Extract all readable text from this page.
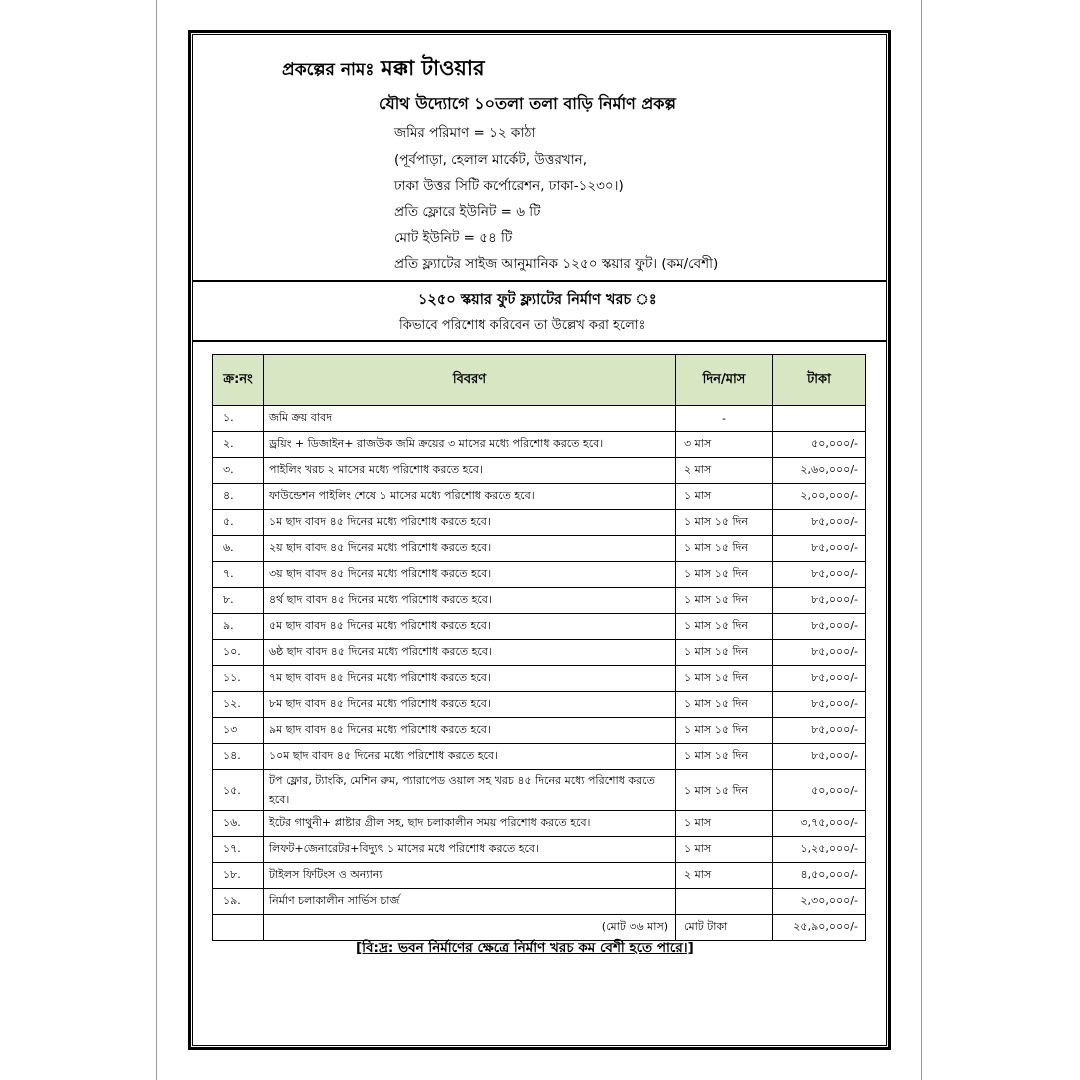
প্রকল্পের নামঃ মক্কা টাওয়ার
যৌথ উদ্যোগে ১০তলা তলা বাড়ি নির্মাণ প্রকল্প
জমির পরিমাণ = ১২ কাঠা
(পূর্বপাড়া, হেলাল মার্কেট, উত্তরখান,
ঢাকা উত্তর সিটি কর্পোরেশন, ঢাকা-১২৩০।)
প্রতি ফ্লোরে ইউনিট = ৬ টি
মোট ইউনিট = ৫৪ টি
প্রতি ফ্ল্যাটের সাইজ আনুমানিক ১২৫০ স্কয়ার ফুট। (কম/বেশী)
১২৫০ স্কয়ার ফুট ফ্ল্যাটের নির্মাণ খরচ ঃ
কিভাবে পরিশোধ করিবেন তা উল্লেখ করা হলোঃ
ক্র:নং	বিবরণ	দিন/মাস	টাকা
১.	জমি ক্রয় বাবদ	-	
২.	ড্রয়িং + ডিজাইন+ রাজউক জমি ক্রয়ের ৩ মাসের মধ্যে পরিশোধ করতে হবে।	৩ মাস	৫০,০০০/-
৩.	পাইলিং খরচ ২ মাসের মধ্যে পরিশোধ করতে হবে।	২ মাস	২,৬০,০০০/-
৪.	ফাউন্ডেশন পাইলিং শেষে ১ মাসের মধ্যে পরিশোধ করতে হবে।	১ মাস	২,০০,০০০/-
৫.	১ম ছাদ বাবদ ৪৫ দিনের মধ্যে পরিশোধ করতে হবে।	১ মাস ১৫ দিন	৮৫,০০০/-
৬.	২য় ছাদ বাবদ ৪৫ দিনের মধ্যে পরিশোধ করতে হবে।	১ মাস ১৫ দিন	৮৫,০০০/-
৭.	৩য় ছাদ বাবদ ৪৫ দিনের মধ্যে পরিশোধ করতে হবে।	১ মাস ১৫ দিন	৮৫,০০০/-
৮.	৪র্থ ছাদ বাবদ ৪৫ দিনের মধ্যে পরিশোধ করতে হবে।	১ মাস ১৫ দিন	৮৫,০০০/-
৯.	৫ম ছাদ বাবদ ৪৫ দিনের মধ্যে পরিশোধ করতে হবে।	১ মাস ১৫ দিন	৮৫,০০০/-
১০.	৬ষ্ঠ ছাদ বাবদ ৪৫ দিনের মধ্যে পরিশোধ করতে হবে।	১ মাস ১৫ দিন	৮৫,০০০/-
১১.	৭ম ছাদ বাবদ ৪৫ দিনের মধ্যে পরিশোধ করতে হবে।	১ মাস ১৫ দিন	৮৫,০০০/-
১২.	৮ম ছাদ বাবদ ৪৫ দিনের মধ্যে পরিশোধ করতে হবে।	১ মাস ১৫ দিন	৮৫,০০০/-
১৩	৯ম ছাদ বাবদ ৪৫ দিনের মধ্যে পরিশোধ করতে হবে।	১ মাস ১৫ দিন	৮৫,০০০/-
১৪.	১০ম ছাদ বাবদ ৪৫ দিনের মধ্যে পরিশোধ করতে হবে।	১ মাস ১৫ দিন	৮৫,০০০/-
১৫.	টপ ফ্লোর, ট্যাংকি, মেশিন রুম, প্যারাপেড ওয়াল সহ খরচ ৪৫ দিনের মধ্যে পরিশোধ করতে হবে।	১ মাস ১৫ দিন	৫০,০০০/-
১৬.	ইটের গাথুনী+ প্লাষ্টার গ্রীল সহ, ছাদ চলাকালীন সময় পরিশোধ করতে হবে।	১ মাস	৩,৭৫,০০০/-
১৭.	লিফট+জেনারেটর+বিদ্যুৎ ১ মাসের মধে পরিশোধ করতে হবে।	১ মাস	১,২৫,০০০/-
১৮.	টাইলস ফিটিংস ও অন্যান্য	২ মাস	৪,৫০,০০০/-
১৯.	নির্মাণ চলাকালীন সার্ভিস চার্জ		২,৩০,০০০/-
	(মোট ৩৬ মাস)	মোট টাকা	২৫,৯০,০০০/-
[বি:দ্র: ভবন নির্মাণের ক্ষেত্রে নির্মাণ খরচ কম বেশী হতে পারে।]
